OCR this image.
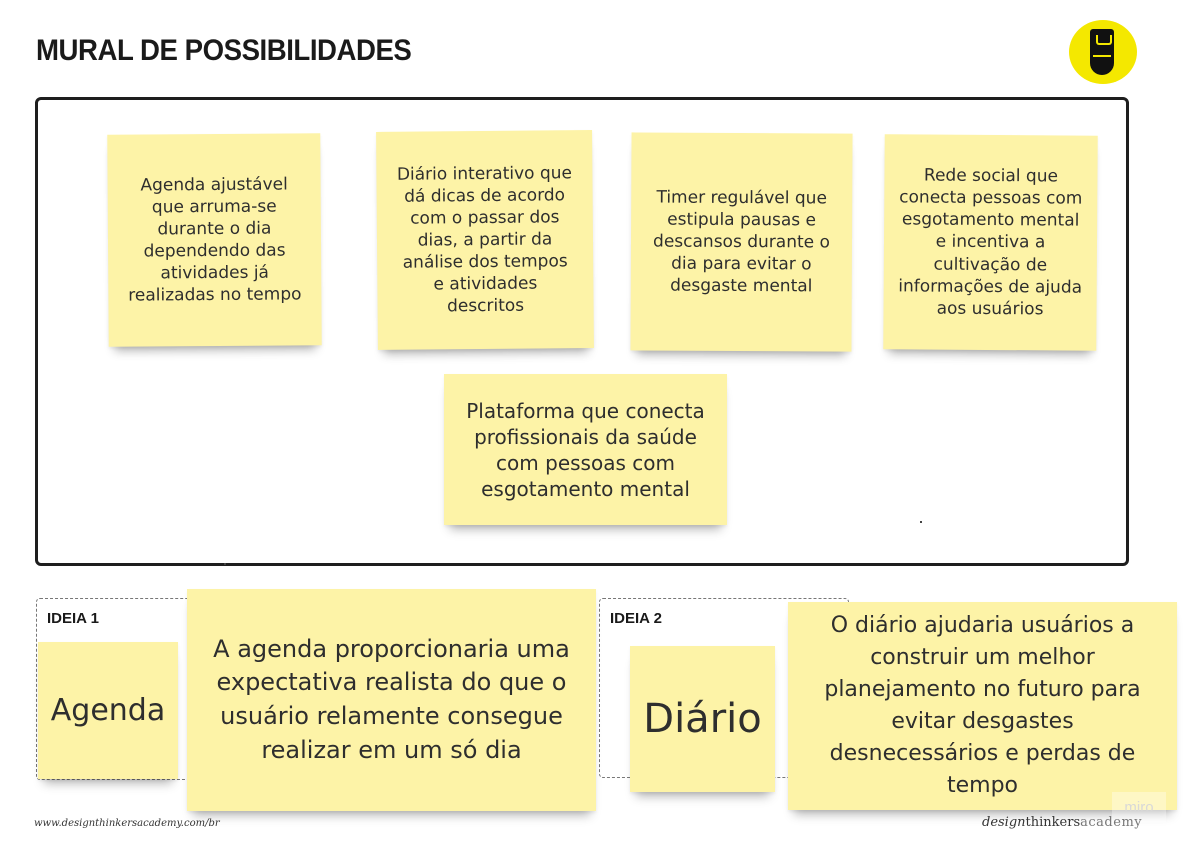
MURAL DE POSSIBILIDADES
Agenda ajustável que arruma-se durante o dia dependendo das atividades já realizadas no tempo
Diário interativo que dá dicas de acordo com o passar dos dias, a partir da análise dos tempos e atividades descritos
Timer regulável que estipula pausas e descansos durante o dia para evitar o desgaste mental
Rede social que conecta pessoas com esgotamento mental e incentiva a cultivação de informações de ajuda aos usuários
Plataforma que conecta profissionais da saúde com pessoas com esgotamento mental
IDEIA 1
Agenda
A agenda proporcionaria uma expectativa realista do que o usuário relamente consegue realizar em um só dia
IDEIA 2
Diário
O diário ajudaria usuários a construir um melhor planejamento no futuro para evitar desgastes desnecessários e perdas de tempo
miro
www.designthinkersacademy.com/br	designthinkersacademy
